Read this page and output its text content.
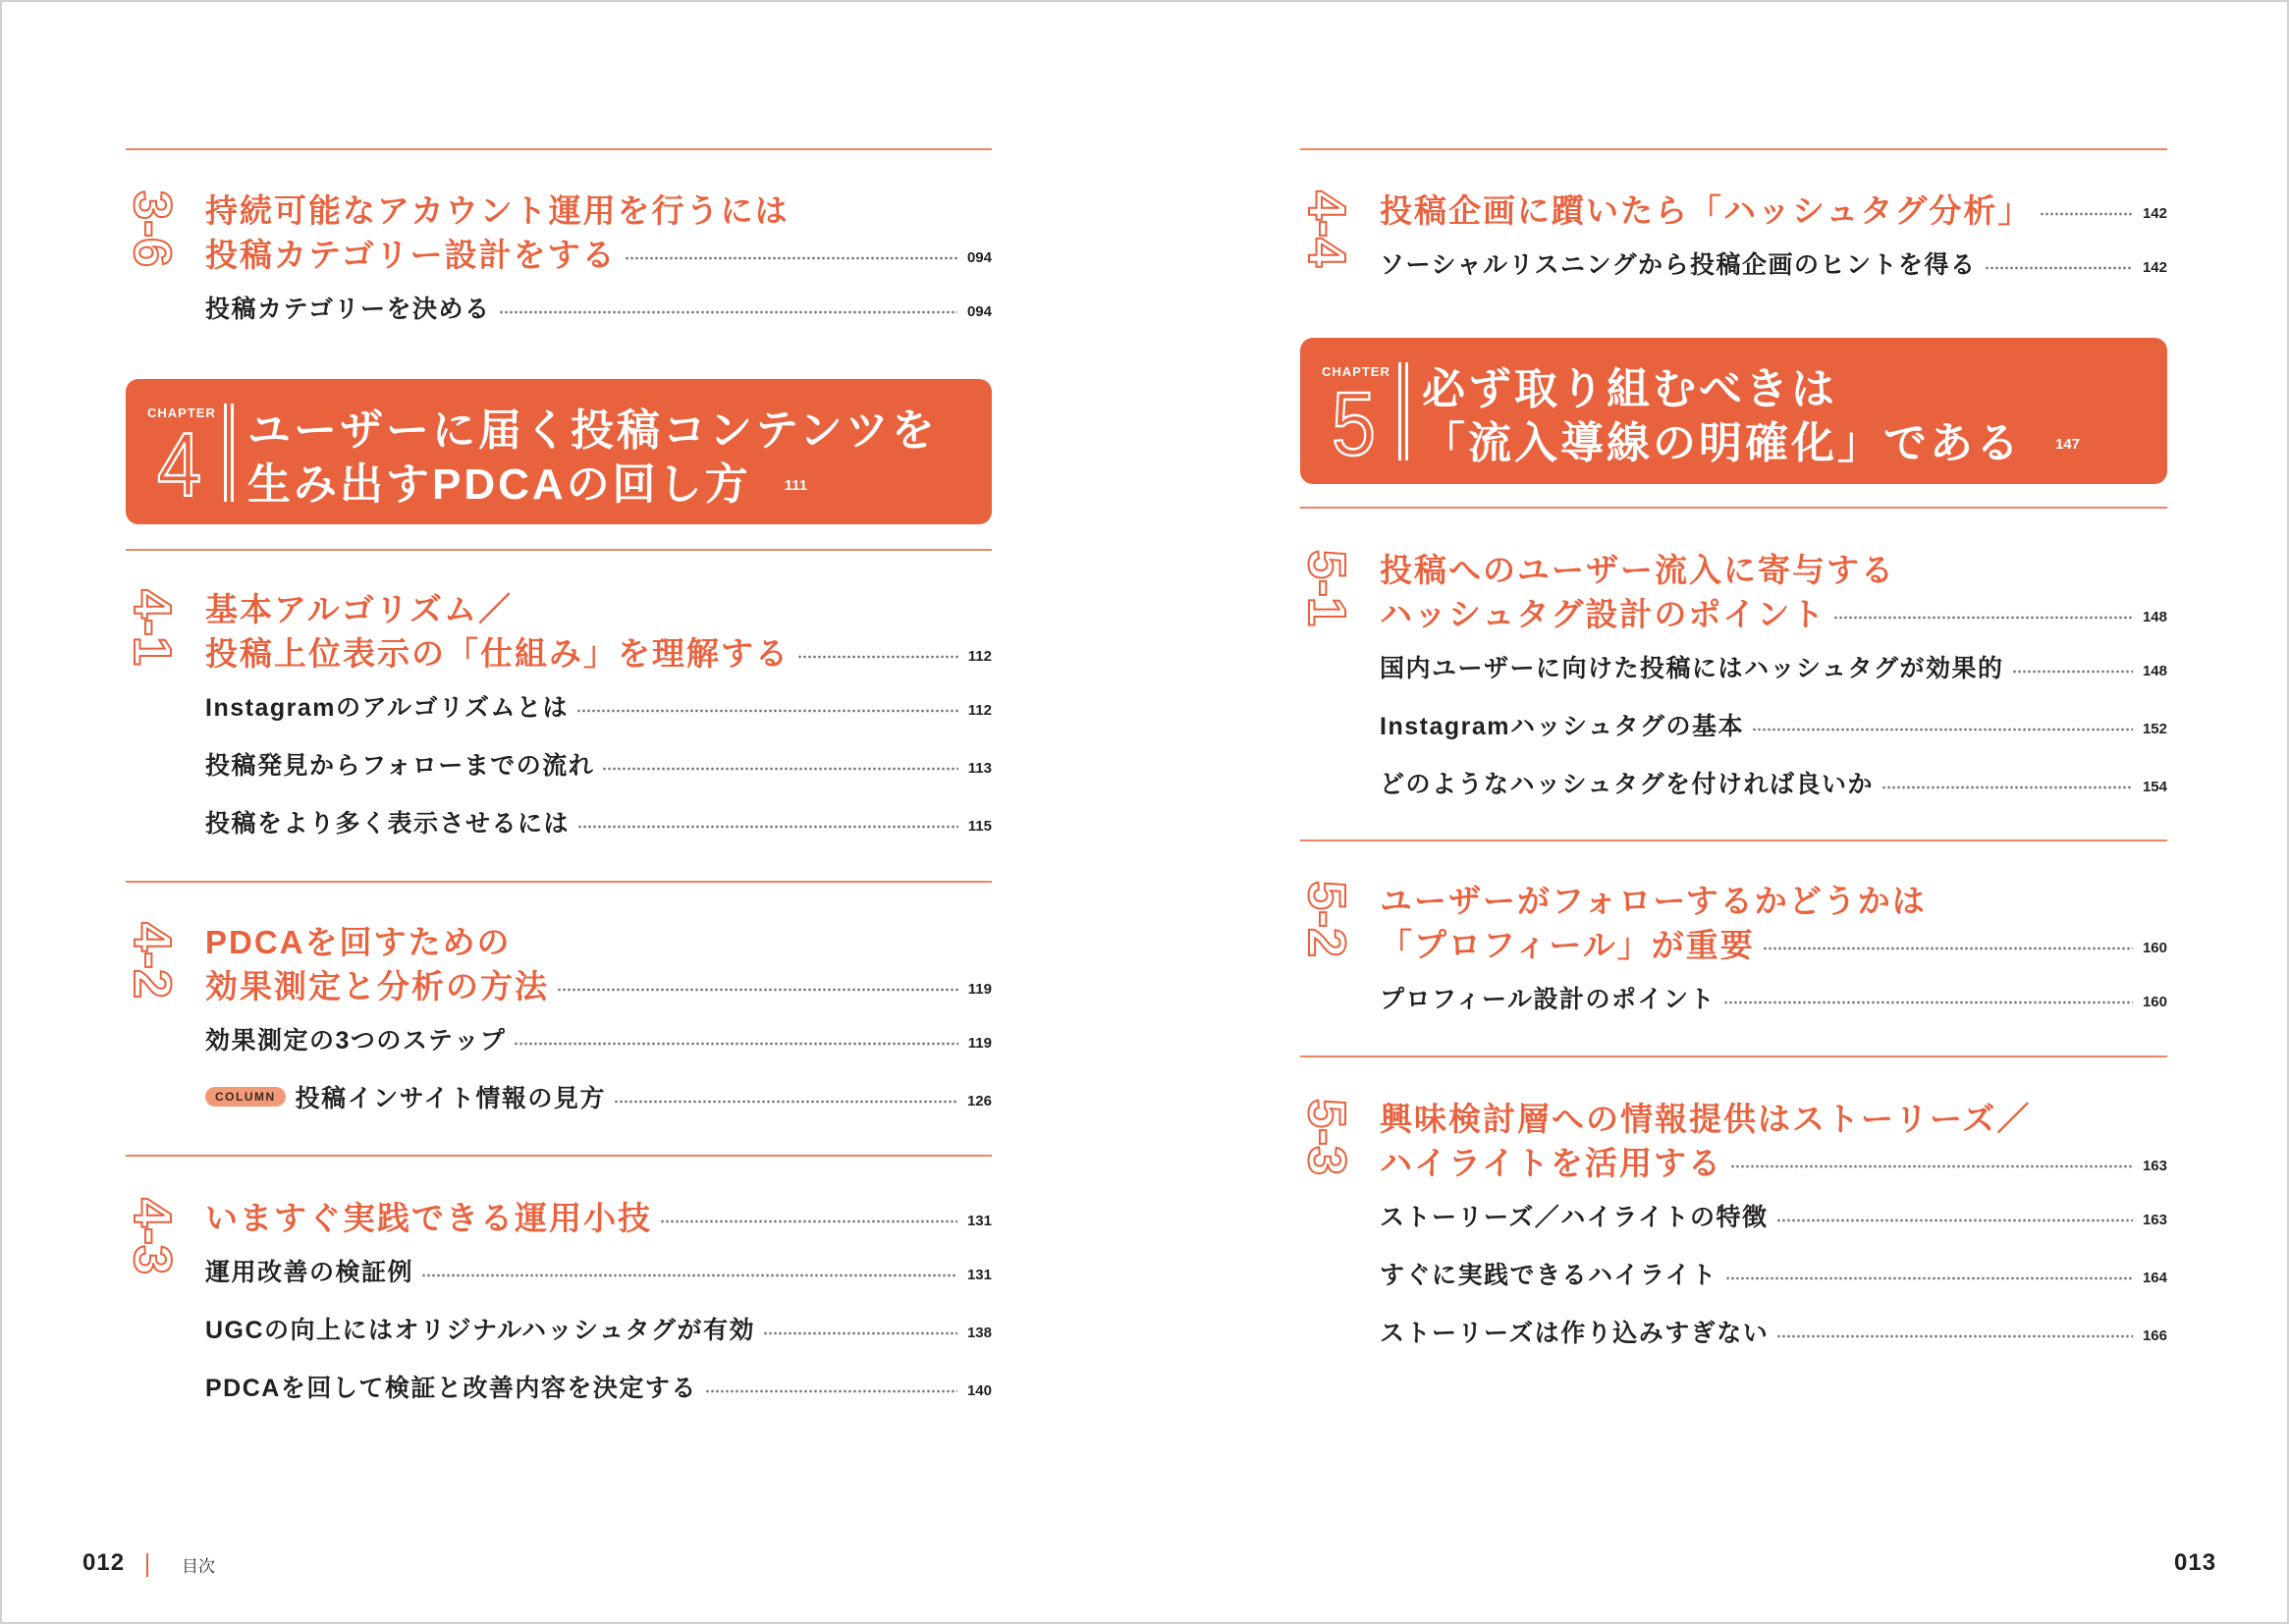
3-6 持続可能なアカウント運用を行うには
投稿カテゴリー設計をする	094
投稿カテゴリーを決める	094
CHAPTER
4 ユーザーに届く投稿コンテンツを
生み出すPDCAの回し方 111
4-1 基本アルゴリズム／
投稿上位表示の「仕組み」を理解する	112
Instagramのアルゴリズムとは	112
投稿発見からフォローまでの流れ	113
投稿をより多く表示させるには	115
4-2 PDCAを回すための
効果測定と分析の方法	119
効果測定の3つのステップ	119
COLUMN 投稿インサイト情報の見方	126
4-3 いますぐ実践できる運用小技	131
運用改善の検証例	131
UGCの向上にはオリジナルハッシュタグが有効	138
PDCAを回して検証と改善内容を決定する	140
012	目次
4-4 投稿企画に躓いたら「ハッシュタグ分析」	142
ソーシャルリスニングから投稿企画のヒントを得る	142
CHAPTER
5 必ず取り組むべきは
「流入導線の明確化」である 147
5-1 投稿へのユーザー流入に寄与する
ハッシュタグ設計のポイント	148
国内ユーザーに向けた投稿にはハッシュタグが効果的	148
Instagramハッシュタグの基本	152
どのようなハッシュタグを付ければ良いか	154
5-2 ユーザーがフォローするかどうかは
「プロフィール」が重要	160
プロフィール設計のポイント	160
5-3 興味検討層への情報提供はストーリーズ／
ハイライトを活用する	163
ストーリーズ／ハイライトの特徴	163
すぐに実践できるハイライト	164
ストーリーズは作り込みすぎない	166
013
